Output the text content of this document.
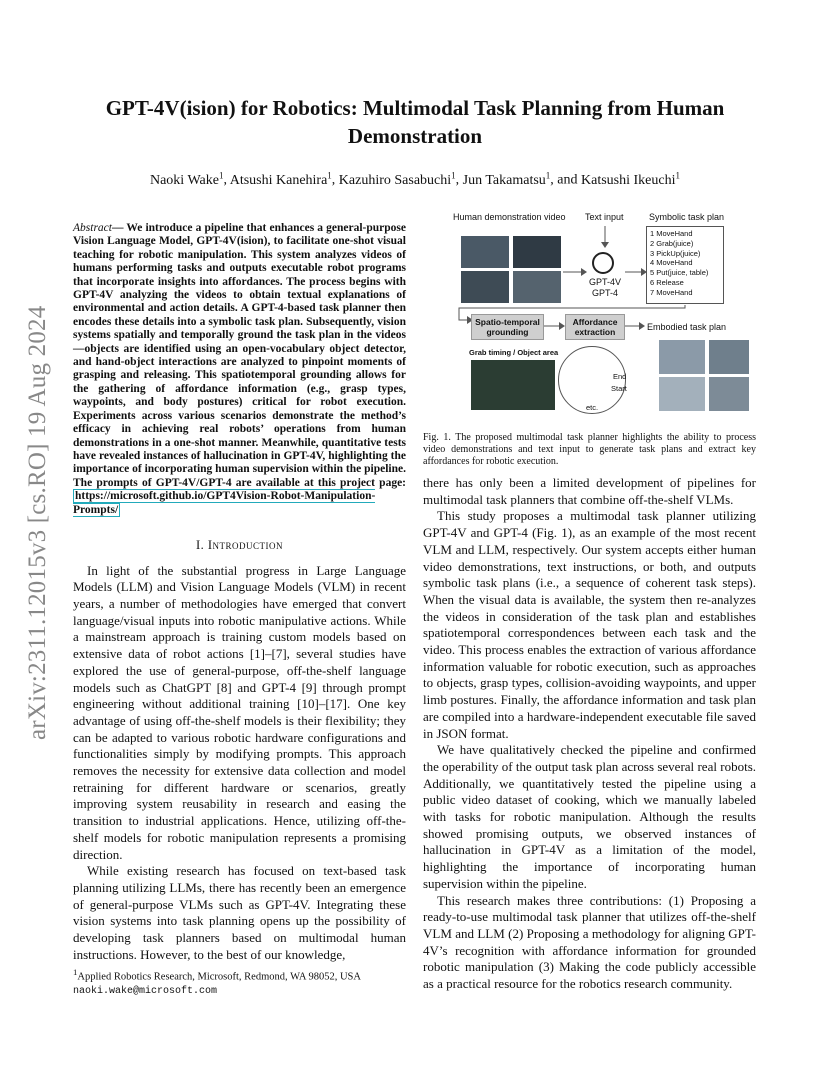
arXiv:2311.12015v3 [cs.RO] 19 Aug 2024
GPT-4V(ision) for Robotics: Multimodal Task Planning from Human Demonstration
Naoki Wake$^1$, Atsushi Kanehira$^1$, Kazuhiro Sasabuchi$^1$, Jun Takamatsu$^1$, and Katsushi Ikeuchi$^1$
Abstract— We introduce a pipeline that enhances a general-purpose Vision Language Model, GPT-4V(ision), to facilitate one-shot visual teaching for robotic manipulation. This system analyzes videos of humans performing tasks and outputs executable robot programs that incorporate insights into affordances. The process begins with GPT-4V analyzing the videos to obtain textual explanations of environmental and action details. A GPT-4-based task planner then encodes these details into a symbolic task plan. Subsequently, vision systems spatially and temporally ground the task plan in the videos—objects are identified using an open-vocabulary object detector, and hand-object interactions are analyzed to pinpoint moments of grasping and releasing. This spatiotemporal grounding allows for the gathering of affordance information (e.g., grasp types, waypoints, and body postures) critical for robot execution. Experiments across various scenarios demonstrate the method’s efficacy in achieving real robots’ operations from human demonstrations in a one-shot manner. Meanwhile, quantitative tests have revealed instances of hallucination in GPT-4V, highlighting the importance of incorporating human supervision within the pipeline. The prompts of GPT-4V/GPT-4 are available at this project page: https://microsoft.github.io/GPT4Vision-Robot-Manipulation-Prompts/
I. Introduction

In light of the substantial progress in Large Language Models (LLM) and Vision Language Models (VLM) in recent years, a number of methodologies have emerged that convert language/visual inputs into robotic manipulative actions. While a mainstream approach is training custom models based on extensive data of robot actions [1]–[7], several studies have explored the use of general-purpose, off-the-shelf language models such as ChatGPT [8] and GPT-4 [9] through prompt engineering without additional training [10]–[17]. One key advantage of using off-the-shelf models is their flexibility; they can be adapted to various robotic hardware configurations and functionalities simply by modifying prompts. This approach removes the necessity for extensive data collection and model retraining for different hardware or scenarios, greatly improving system reusability in research and easing the transition to industrial applications. Hence, utilizing off-the-shelf models for robotic manipulation represents a promising direction.

While existing research has focused on text-based task planning utilizing LLMs, there has recently been an emergence of general-purpose VLMs such as GPT-4V. Integrating these vision systems into task planning opens up the possibility of developing task planners based on multimodal human instructions. However, to the best of our knowledge,

$^1$Applied Robotics Research, Microsoft, Redmond, WA 98052, USA
naoki.wake@microsoft.com
Human demonstration video Text input	Symbolic task plan
GPT-4V
GPT-4
1 MoveHand
2 Grab(juice)
3 PickUp(juice)
4 MoveHand
5 Put(juice, table)
6 Release
7 MoveHand
Spatio-temporal grounding
Affordance extraction	Embodied task plan
Grab timing / Object area
End
Start
etc.
Fig. 1. The proposed multimodal task planner highlights the ability to process video demonstrations and text input to generate task plans and extract key affordances for robotic execution.

there has only been a limited development of pipelines for multimodal task planners that combine off-the-shelf VLMs.

This study proposes a multimodal task planner utilizing GPT-4V and GPT-4 (Fig. 1), as an example of the most recent VLM and LLM, respectively. Our system accepts either human video demonstrations, text instructions, or both, and outputs symbolic task plans (i.e., a sequence of coherent task steps). When the visual data is available, the system then re-analyzes the videos in consideration of the task plan and establishes spatiotemporal correspondences between each task and the video. This process enables the extraction of various affordance information valuable for robotic execution, such as approaches to objects, grasp types, collision-avoiding waypoints, and upper limb postures. Finally, the affordance information and task plan are compiled into a hardware-independent executable file saved in JSON format.

We have qualitatively checked the pipeline and confirmed the operability of the output task plan across several real robots. Additionally, we quantitatively tested the pipeline using a public video dataset of cooking, which we manually labeled with tasks for robotic manipulation. Although the results showed promising outputs, we observed instances of hallucination in GPT-4V as a limitation of the model, highlighting the importance of incorporating human supervision within the pipeline.

This research makes three contributions: (1) Proposing a ready-to-use multimodal task planner that utilizes off-the-shelf VLM and LLM (2) Proposing a methodology for aligning GPT-4V’s recognition with affordance information for grounded robotic manipulation (3) Making the code publicly accessible as a practical resource for the robotics research community.
